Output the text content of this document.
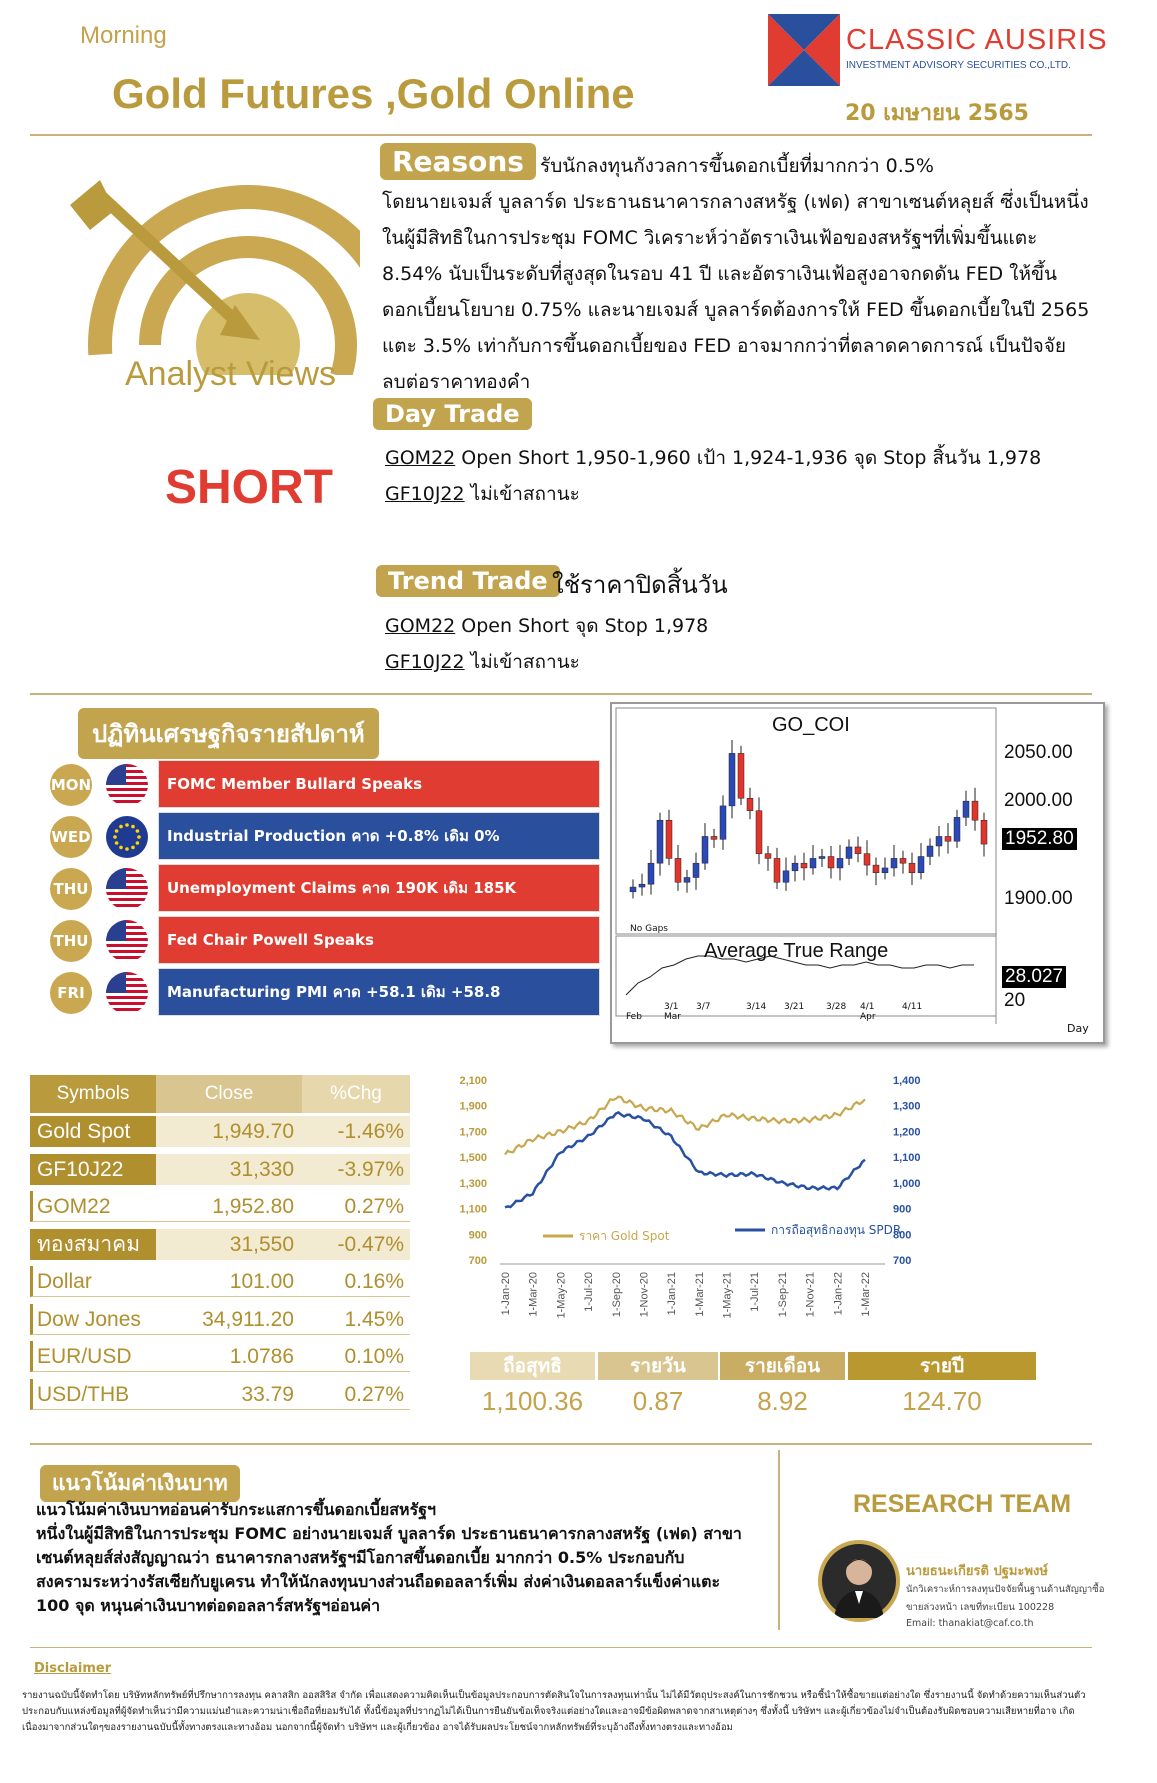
Morning
Gold Futures ,Gold Online
CLASSIC AUSIRIS
INVESTMENT ADVISORY SECURITIES CO.,LTD.
20 เมษายน 2565
Analyst Views
SHORT
Reasons รับนักลงทุนกังวลการขึ้นดอกเบี้ยที่มากกว่า 0.5%
โดยนายเจมส์ บูลลาร์ด ประธานธนาคารกลางสหรัฐ (เฟด) สาขาเซนต์หลุยส์ ซึ่งเป็นหนึ่ง
ในผู้มีสิทธิในการประชุม FOMC วิเคราะห์ว่าอัตราเงินเฟ้อของสหรัฐฯที่เพิ่มขึ้นแตะ
8.54% นับเป็นระดับที่สูงสุดในรอบ 41 ปี และอัตราเงินเฟ้อสูงอาจกดดัน FED ให้ขึ้น
ดอกเบี้ยนโยบาย 0.75% และนายเจมส์ บูลลาร์ดต้องการให้ FED ขึ้นดอกเบี้ยในปี 2565
แตะ 3.5% เท่ากับการขึ้นดอกเบี้ยของ FED อาจมากกว่าที่ตลาดคาดการณ์ เป็นปัจจัย
ลบต่อราคาทองคำ
Day Trade
GOM22 Open Short 1,950-1,960 เป้า 1,924-1,936 จุด Stop สิ้นวัน 1,978
GF10J22 ไม่เข้าสถานะ
Trend Trade ใช้ราคาปิดสิ้นวัน
GOM22 Open Short จุด Stop 1,978
GF10J22 ไม่เข้าสถานะ
ปฏิทินเศรษฐกิจรายสัปดาห์
MON	FOMC Member Bullard Speaks
WED	Industrial Production คาด +0.8% เดิม 0%
THU	Unemployment Claims คาด 190K เดิม 185K
THU	Fed Chair Powell Speaks
FRI	Manufacturing PMI คาด +58.1 เดิม +58.8
GO_COI
2050.00
2000.00
1952.80
1900.00
No Gaps
Average True Range
28.027
20
Day
Feb
3/1
Mar
3/7	3/14 3/21 3/28 4/1
Apr
4/11
Symbols	Close	%Chg
Gold Spot	1,949.70	-1.46%
GF10J22	31,330	-3.97%
GOM22	1,952.80	0.27%
ทองสมาคม	31,550	-0.47%
Dollar	101.00	0.16%
Dow Jones	34,911.20	1.45%
EUR/USD	1.0786	0.10%
USD/THB	33.79	0.27%
2,100
1,900
1,700
1,500
1,300
1,100
900
700
1,400
1,300
1,200
1,100
1,000
900
800
700
1-Jan-20 1-Mar-20 1-May-20 1-Jul-20 1-Sep-20 1-Nov-20 1-Jan-21 1-Mar-21 1-May-21 1-Jul-21 1-Sep-21 1-Nov-21 1-Jan-22 1-Mar-22
ราคา Gold Spot	การถือสุทธิกองทุน SPDR
ถือสุทธิ
1,100.36
รายวัน
0.87
รายเดือน
8.92
รายปี
124.70
แนวโน้มค่าเงินบาท
แนวโน้มค่าเงินบาทอ่อนค่ารับกระแสการขึ้นดอกเบี้ยสหรัฐฯ
หนึ่งในผู้มีสิทธิในการประชุม FOMC อย่างนายเจมส์ บูลลาร์ด ประธานธนาคารกลางสหรัฐ (เฟด) สาขา
เซนต์หลุยส์ส่งสัญญาณว่า ธนาคารกลางสหรัฐฯมีโอกาสขึ้นดอกเบี้ย มากกว่า 0.5% ประกอบกับ
สงครามระหว่างรัสเซียกับยูเครน ทำให้นักลงทุนบางส่วนถือดอลลาร์เพิ่ม ส่งค่าเงินดอลลาร์แข็งค่าแตะ
100 จุด หนุนค่าเงินบาทต่อดอลลาร์สหรัฐฯอ่อนค่า
RESEARCH TEAM
นายธนะเกียรติ ปฐมะพงษ์
นักวิเคราะห์การลงทุนปัจจัยพื้นฐานด้านสัญญาซื้อ
ขายล่วงหน้า เลขที่ทะเบียน 100228
Email: thanakiat@caf.co.th
Disclaimer
รายงานฉบับนี้จัดทำโดย บริษัทหลักทรัพย์ที่ปรึกษาการลงทุน คลาสสิก ออสสิริส จำกัด เพื่อแสดงความคิดเห็นเป็นข้อมูลประกอบการตัดสินใจในการลงทุนเท่านั้น ไม่ได้มีวัตถุประสงค์ในการชักชวน หรือชี้นำให้ซื้อขายแต่อย่างใด ซึ่งรายงานนี้ จัดทำด้วยความเห็นส่วนตัว
ประกอบกับแหล่งข้อมูลที่ผู้จัดทำเห็นว่ามีความแม่นยำและความน่าเชื่อถือที่ยอมรับได้ ทั้งนี้ข้อมูลที่ปรากฏไม่ได้เป็นการยืนยันข้อเท็จจริงแต่อย่างใดและอาจมีข้อผิดพลาดจากสาเหตุต่างๆ ซึ่งทั้งนี้ บริษัทฯ และผู้เกี่ยวข้องไม่จำเป็นต้องรับผิดชอบความเสียหายที่อาจ เกิด
เนื่องมาจากส่วนใดๆของรายงานฉบับนี้ทั้งทางตรงและทางอ้อม นอกจากนี้ผู้จัดทำ บริษัทฯ และผู้เกี่ยวข้อง อาจได้รับผลประโยชน์จากหลักทรัพย์ที่ระบุอ้างถึงทั้งทางตรงและทางอ้อม
